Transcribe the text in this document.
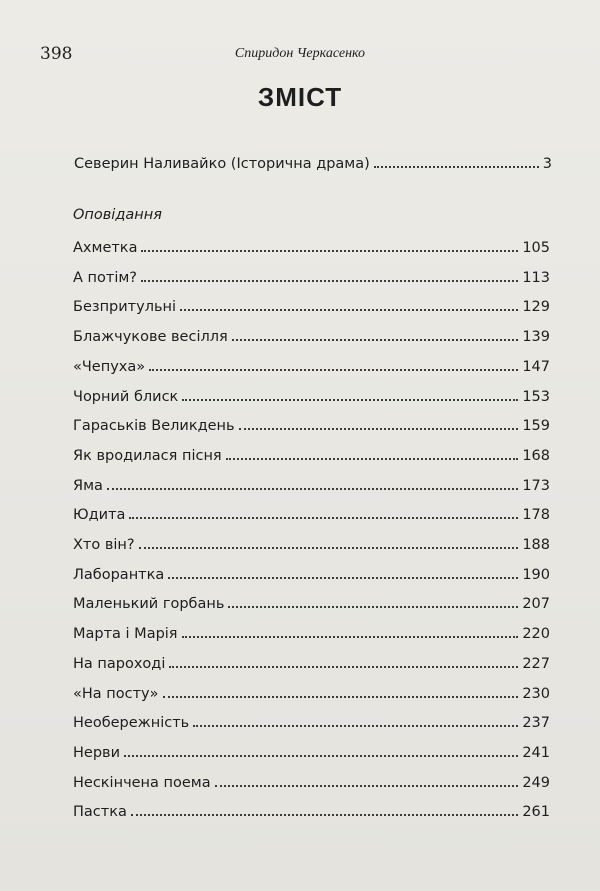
398	Спиридон Черкасенко
ЗМІСТ
Северин Наливайко (Історична драма)	3
Оповідання
Ахметка	105
А потім?	113
Безпритульні	129
Блажчукове весілля	139
«Чепуха»	147
Чорний блиск	153
Гараськів Великдень	159
Як вродилася пісня	168
Яма	173
Юдита	178
Хто він?	188
Лаборантка	190
Маленький горбань	207
Марта і Марія	220
На пароході	227
«На посту»	230
Необережність	237
Нерви	241
Нескінчена поема	249
Пастка	261
